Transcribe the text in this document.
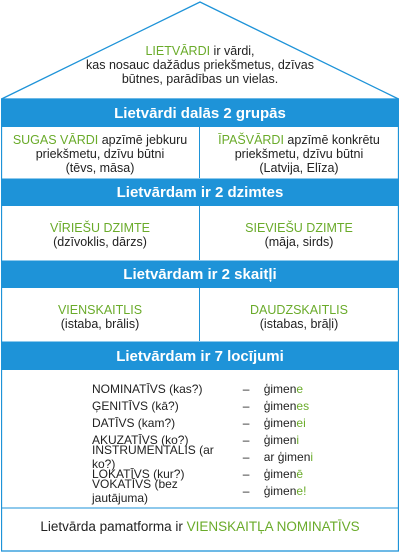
LIETVĀRDI ir vārdi,
kas nosauc dažādus priekšmetus, dzīvas
būtnes, parādības un vielas.
Lietvārdi dalās 2 grupās
SUGAS VĀRDI apzīmē jebkuru
priekšmetu, dzīvu būtni
(tēvs, māsa)
ĪPAŠVĀRDI apzīmē konkrētu
priekšmetu, dzīvu būtni
(Latvija, Elīza)
Lietvārdam ir 2 dzimtes
VĪRIEŠU DZIMTE
(dzīvoklis, dārzs)
SIEVIEŠU DZIMTE
(māja, sirds)
Lietvārdam ir 2 skaitļi
VIENSKAITLIS
(istaba, brālis)
DAUDZSKAITLIS
(istabas, brāļi)
Lietvārdam ir 7 locījumi
NOMINATĪVS (kas?)	–	ģimene
ĢENITĪVS (kā?)	–	ģimenes
DATĪVS (kam?)	–	ģimenei
AKUZATĪVS (ko?)	–	ģimeni
INSTRUMENTALIS (ar ko?)	–	ar ģimeni
LOKATĪVS (kur?)	–	ģimenē
VOKATĪVS (bez jautājuma)	–	ģimene!
Lietvārda pamatforma ir VIENSKAITĻA NOMINATĪVS
